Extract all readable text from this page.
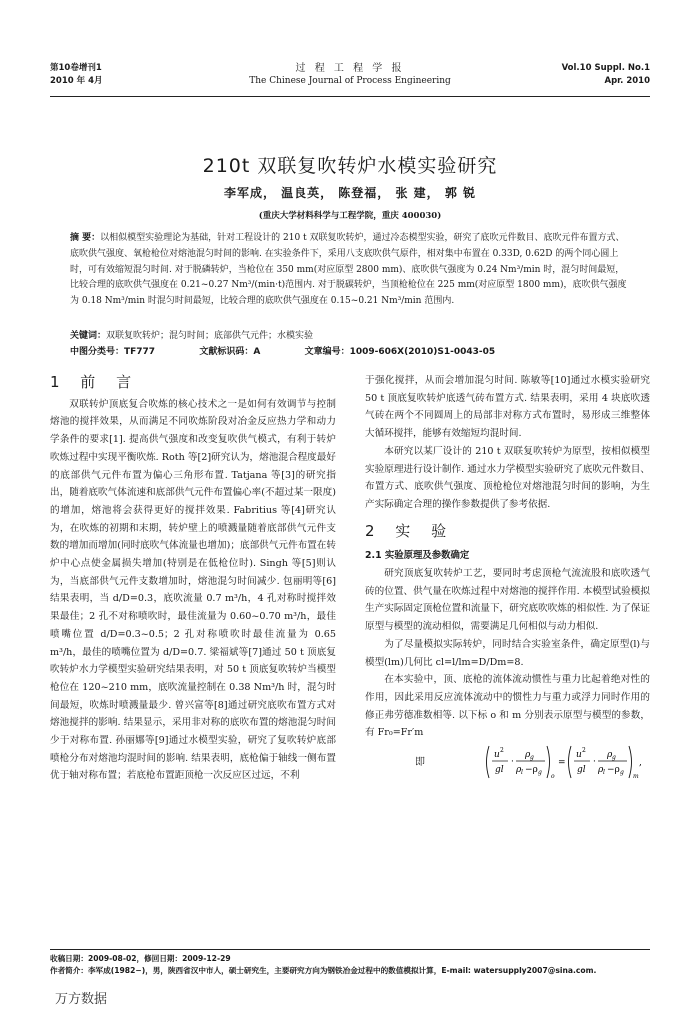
第10卷增刊1
2010 年 4月
过 程 工 程 学 报
The Chinese Journal of Process Engineering
Vol.10 Suppl. No.1
Apr. 2010
210t 双联复吹转炉水模实验研究
李军成， 温良英， 陈登福， 张 建， 郭 锐
(重庆大学材料科学与工程学院，重庆 400030)
摘 要：以相似模型实验理论为基础，针对工程设计的 210 t 双联复吹转炉，通过冷态模型实验，研究了底吹元件数目、底吹元件布置方式、底吹供气强度、氧枪枪位对熔池混匀时间的影响. 在实验条件下，采用八支底吹供气原件，相对集中布置在 0.33D, 0.62D 的两个同心圆上时，可有效缩短混匀时间. 对于脱磷转炉，当枪位在 350 mm(对应原型 2800 mm)、底吹供气强度为 0.24 Nm³/min 时，混匀时间最短，比较合理的底吹供气强度在 0.21~0.27 Nm³/(min·t)范围内. 对于脱碳转炉，当顶枪枪位在 225 mm(对应原型 1800 mm)，底吹供气强度为 0.18 Nm³/min 时混匀时间最短，比较合理的底吹供气强度在 0.15~0.21 Nm³/min 范围内.
关键词：双联复吹转炉；混匀时间；底部供气元件；水模实验
中图分类号：TF777	文献标识码：A	文章编号：1009-606X(2010)S1-0043-05

1 前 言

双联转炉顶底复合吹炼的核心技术之一是如何有效调节与控制熔池的搅拌效果，从而满足不同吹炼阶段对冶金反应热力学和动力学条件的要求[1]. 提高供气强度和改变复吹供气模式，有利于转炉吹炼过程中实现平衡吹炼. Roth 等[2]研究认为，熔池混合程度最好的底部供气元件布置为偏心三角形布置. Tatjana 等[3]的研究指出，随着底吹气体流速和底部供气元件布置偏心率(不超过某一限度)的增加，熔池将会获得更好的搅拌效果. Fabritius 等[4]研究认为，在吹炼的初期和末期，转炉壁上的喷溅量随着底部供气元件支数的增加而增加(同时底吹气体流量也增加)；底部供气元件布置在转炉中心点使金属损失增加(特别是在低枪位时). Singh 等[5]则认为，当底部供气元件支数增加时，熔池混匀时间减少. 包丽明等[6]结果表明，当 d/D=0.3，底吹流量 0.7 m³/h，4 孔对称时搅拌效果最佳；2 孔不对称喷吹时，最佳流量为 0.60~0.70 m³/h，最佳喷嘴位置 d/D=0.3~0.5；2 孔对称喷吹时最佳流量为 0.65 m³/h，最佳的喷嘴位置为 d/D=0.7. 梁福斌等[7]通过 50 t 顶底复吹转炉水力学模型实验研究结果表明，对 50 t 顶底复吹转炉当模型枪位在 120~210 mm，底吹流量控制在 0.38 Nm³/h 时，混匀时间最短，吹炼时喷溅量最少. 曾兴富等[8]通过研究底吹布置方式对熔池搅拌的影响. 结果显示，采用非对称的底吹布置的熔池混匀时间少于对称布置. 孙丽娜等[9]通过水模型实验，研究了复吹转炉底部喷枪分布对熔池均混时间的影响. 结果表明，底枪偏于轴线一侧布置优于轴对称布置；若底枪布置距顶枪一次反应区过远，不利

于强化搅拌，从而会增加混匀时间. 陈敏等[10]通过水模实验研究 50 t 顶底复吹转炉底透气砖布置方式. 结果表明，采用 4 块底吹透气砖在两个不同圆周上的局部非对称方式布置时，易形成三维整体大循环搅拌，能够有效缩短均混时间.

本研究以某厂设计的 210 t 双联复吹转炉为原型，按相似模型实验原理进行设计制作. 通过水力学模型实验研究了底吹元件数目、布置方式、底吹供气强度、顶枪枪位对熔池混匀时间的影响，为生产实际确定合理的操作参数提供了参考依据.

2 实 验

2.1 实验原理及参数确定

研究顶底复吹转炉工艺，要同时考虑顶枪气流流股和底吹透气砖的位置、供气量在吹炼过程中对熔池的搅拌作用. 本模型试验模拟生产实际固定顶枪位置和流量下，研究底吹吹炼的相似性. 为了保证原型与模型的流动相似，需要满足几何相似与动力相似.

为了尽量模拟实际转炉，同时结合实验室条件，确定原型(l)与模型(lm)几何比 cl=l/lm=D/Dm=8.

在本实验中，顶、底枪的流体流动惯性与重力比起着绝对性的作用，因此采用反应流体流动中的惯性力与重力或浮力同时作用的修正弗劳德准数相等. 以下标 o 和 m 分别表示原型与模型的参数，有 Fr₀=Fr′m

即
u 2
gl
·
ρ g
ρ l −ρ g
o
=
u 2
gl
·
ρ g
ρ l −ρ g
m
,
收稿日期：2009-08-02，修回日期：2009-12-29
作者简介：李军成(1982−)，男，陕西省汉中市人，硕士研究生，主要研究方向为钢铁冶金过程中的数值模拟计算，E-mail: watersupply2007@sina.com.
万方数据
